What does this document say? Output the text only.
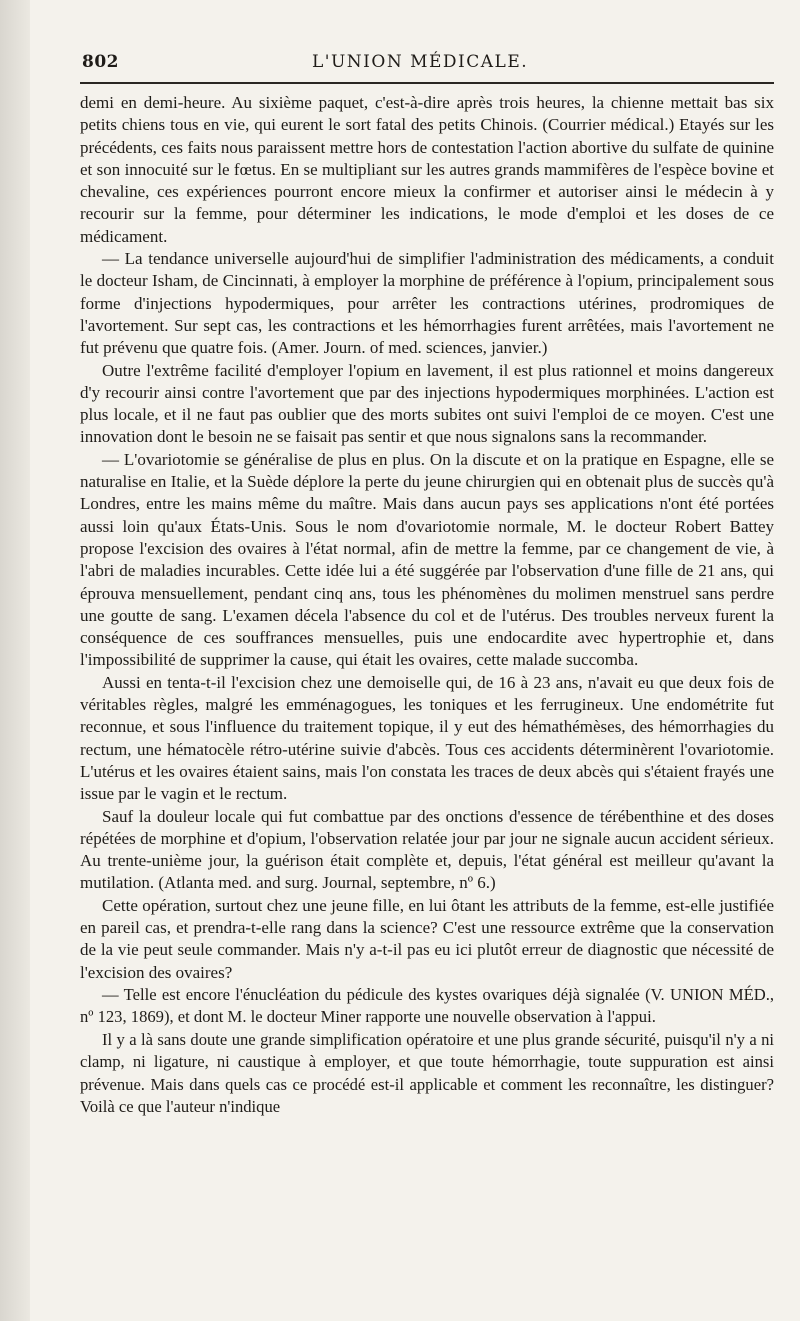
802	L'UNION MÉDICALE.

demi en demi-heure. Au sixième paquet, c'est-à-dire après trois heures, la chienne mettait bas six petits chiens tous en vie, qui eurent le sort fatal des petits Chinois. (Courrier médical.) Etayés sur les précédents, ces faits nous paraissent mettre hors de contestation l'action abortive du sulfate de quinine et son innocuité sur le fœtus. En se multipliant sur les autres grands mammifères de l'espèce bovine et chevaline, ces expériences pourront encore mieux la confirmer et autoriser ainsi le médecin à y recourir sur la femme, pour déterminer les indications, le mode d'emploi et les doses de ce médicament.

— La tendance universelle aujourd'hui de simplifier l'administration des médicaments, a conduit le docteur Isham, de Cincinnati, à employer la morphine de préférence à l'opium, principalement sous forme d'injections hypodermiques, pour arrêter les contractions utérines, prodromiques de l'avortement. Sur sept cas, les contractions et les hémorrhagies furent arrêtées, mais l'avortement ne fut prévenu que quatre fois. (Amer. Journ. of med. sciences, janvier.)

Outre l'extrême facilité d'employer l'opium en lavement, il est plus rationnel et moins dangereux d'y recourir ainsi contre l'avortement que par des injections hypodermiques morphinées. L'action est plus locale, et il ne faut pas oublier que des morts subites ont suivi l'emploi de ce moyen. C'est une innovation dont le besoin ne se faisait pas sentir et que nous signalons sans la recommander.

— L'ovariotomie se généralise de plus en plus. On la discute et on la pratique en Espagne, elle se naturalise en Italie, et la Suède déplore la perte du jeune chirurgien qui en obtenait plus de succès qu'à Londres, entre les mains même du maître. Mais dans aucun pays ses applications n'ont été portées aussi loin qu'aux États-Unis. Sous le nom d'ovariotomie normale, M. le docteur Robert Battey propose l'excision des ovaires à l'état normal, afin de mettre la femme, par ce changement de vie, à l'abri de maladies incurables. Cette idée lui a été suggérée par l'observation d'une fille de 21 ans, qui éprouva mensuellement, pendant cinq ans, tous les phénomènes du molimen menstruel sans perdre une goutte de sang. L'examen décela l'absence du col et de l'utérus. Des troubles nerveux furent la conséquence de ces souffrances mensuelles, puis une endocardite avec hypertrophie et, dans l'impossibilité de supprimer la cause, qui était les ovaires, cette malade succomba.

Aussi en tenta-t-il l'excision chez une demoiselle qui, de 16 à 23 ans, n'avait eu que deux fois de véritables règles, malgré les emménagogues, les toniques et les ferrugineux. Une endométrite fut reconnue, et sous l'influence du traitement topique, il y eut des hémathémèses, des hémorrhagies du rectum, une hématocèle rétro-utérine suivie d'abcès. Tous ces accidents déterminèrent l'ovariotomie. L'utérus et les ovaires étaient sains, mais l'on constata les traces de deux abcès qui s'étaient frayés une issue par le vagin et le rectum.

Sauf la douleur locale qui fut combattue par des onctions d'essence de térébenthine et des doses répétées de morphine et d'opium, l'observation relatée jour par jour ne signale aucun accident sérieux. Au trente-unième jour, la guérison était complète et, depuis, l'état général est meilleur qu'avant la mutilation. (Atlanta med. and surg. Journal, septembre, nº 6.)

Cette opération, surtout chez une jeune fille, en lui ôtant les attributs de la femme, est-elle justifiée en pareil cas, et prendra-t-elle rang dans la science? C'est une ressource extrême que la conservation de la vie peut seule commander. Mais n'y a-t-il pas eu ici plutôt erreur de diagnostic que nécessité de l'excision des ovaires?

— Telle est encore l'énucléation du pédicule des kystes ovariques déjà signalée (V. UNION MÉD., nº 123, 1869), et dont M. le docteur Miner rapporte une nouvelle observation à l'appui.

Il y a là sans doute une grande simplification opératoire et une plus grande sécurité, puisqu'il n'y a ni clamp, ni ligature, ni caustique à employer, et que toute hémorrhagie, toute suppuration est ainsi prévenue. Mais dans quels cas ce procédé est-il applicable et comment les reconnaître, les distinguer? Voilà ce que l'auteur n'indique
